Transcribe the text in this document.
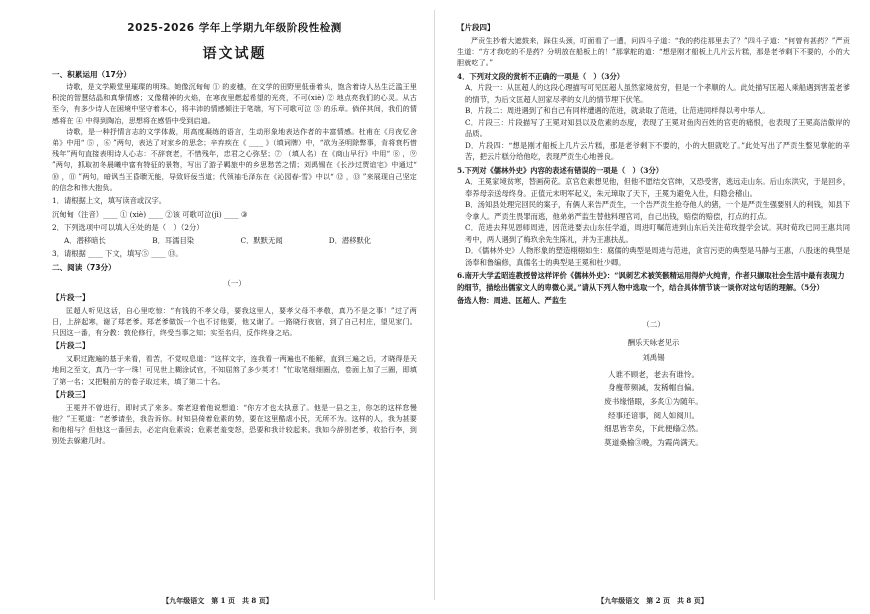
2025-2026 学年上学期九年级阶段性检测
语文试题
一、积累运用（17分）

诗歌，是文学殿堂里璀璨的明珠。她像沉甸甸 ① 的麦穗，在文学的田野里低垂着头，饱含着诗人丛生泛滥王里积淀的智慧结晶和真挚情感；又像精神的火焰，在寒夜里燃起希望的光亮，不可(xiè) ② 地点亮我们的心灵。从古至今，有多少诗人在困境中坚守着本心，将丰沛的情感倾注于笔端，写下可歌可泣 ③ 的乐章。倘佯其间，我们的情感将在 ④ 中得到陶冶，思想将在感悟中受到启迪。

诗歌，是一种抒情言志的文学体裁，用高度凝练的语言，生动形象地表达作者的丰富情感。杜甫在《月夜忆舍弟》中用“ ⑤ ，⑥ ”两句，表达了对家乡的思念；辛弃疾在《 ____ 》（填词牌）中，“欲为圣明除弊事，肯将衰朽惜残年”两句直接表明诗人心志：不辞衰老，不惜残年，忠君之心弥坚；⑦ （填人名）在《商山早行》中用“ ⑧ ，⑨ ”两句，抓取初冬晨曦中富有特征的景物，写出了游子羁旅中的乡思愁苦之情；刘禹锡在《长沙过贾谊宅》中通过“ ⑩ ，⑪ ”两句，暗讽当王昏聩无能，导致奸佞当道；代领袖毛泽东在《沁园春·雪》中以“ ⑫ ，⑬ ”来展现自己坚定的信念和伟大抱负。

1．请根据上文，填写读音或汉字。
沉甸甸（注音）____ ① (xiè) ____ ②该 可歌可泣(jì) ____ ③
2．下列选项中可以填入④处的是（　）（2分）
A．潜移暗长	B．耳濡目染	C．默默无闻	D．潜移默化
3．请根据 ____ 下文，填写⑤ ____ ⑬。
二、阅读（73分）
（一）
【片段一】

匡超人听见这话，自心里吃惊：“有钱的不孝父母，要我这里人，要孝父母不孝敬，真乃不是之事！”过了两日，上辞起寒，谢了郑老爹。郑老爹做饭一个也不讨他要，他又谢了。一路晓行夜宿，到了自己村庄，望见家门。只因这一番，有分教：敦伦修行，终受当事之知；实至名归，反作终身之玷。

【片段二】

又职过跑遍的基于来看，看苦，不觉叹息道：“这样文字，连我看一两遍也不能解，直到三遍之后，才晓得是天地间之至文，真乃一字一珠！可见世上糊涂试官，不知屈煞了多少英才！”忙取笔细细圈点，卷面上加了三圈，即填了第一名；又把鞋前方的卷子取过来，填了第二十名。

【片段三】

王冕并不曾进行，即时式了来多。秦老迎着他说想道：“你方才也太执意了。他是一县之主，你怎的这样怠慢他？”王冕道：“老爹请坐，我告诉你。时知县倚着危素的势，要在这里酷虐小民，无所不为。这样的人，我为甚要和他相与？但他这一番回去，必定向危素说；危素老羞变怒，恐要和我计较起来。我如今辞别老爹，收拾行李，到别处去躲避几时。

【九年级语文　第 1 页　共 8 页】
【片段四】

严贡生抄着大遮鼓来，踩住头颈，叮面看了一遭，问四斗子道：“我的药往那里去了？”四斗子道：“何曾有甚药？”严贡生道：“方才我吃的不是药？分明放在船板上的！”那掌舵的道：“想是刚才船板上几片云片糕，那是老爷剩下不要的，小的大胆就吃了。”

4．下列对文段的赏析不正确的一项是（　）（3分）

A．片段一：从匡超人的这段心理描写可见匡超人虽然家境贫穷，但是一个孝顺的人。此处描写匡超人乘船遇到害羞老爹的情节，为后文匡超人回家尽孝的女儿的情节埋下伏笔。

B．片段二：周进遇到了和自己有同样遭遇的范进，就录取了范进，让范进同样得以考中举人。

C．片段三：片段描写了王冕对知县以及危素的态度，表现了王冕对鱼肉百姓的官吏的痛恨，也表现了王冕高洁傲岸的品质。

D．片段四：“想是刚才船板上几片云片糕，那是老爷剩下不要的，小的大胆就吃了。”此处写出了严贡生整见掌舵的辛苦，把云片糕分给他吃，表现严贡生心地善良。

5.下列对《儒林外史》内容的表述有错误的一项是（　）（3分）

A．王冕家境贫寒，替画荷花。京官危素想见他，但他不愿结交官绅，又恐受害，逃远走山东。后山东洪灾，于是回乡，奉养母亲送母终身。正值元末明军起义，朱元璋取了天下，王冕为避免入仕，归隐会稽山。

B．汤知县处理完回民的案子，有俩人来告严贡生，一个告严贡生抢夺他人的猪，一个是严贡生强要别人的利钱，知县下令拿人。严贡生畏罪而逃，他弟弟严监生替他料理官司，自己出钱，赔偿的赔偿，打点的打点。

C．范进去拜见恩师周进，因范进要去山东任学道，周进叮嘱范进到山东后关注荀玫提学会试。其时荀玫已同王惠共同考中，两人遇到了梅玖余先生陈礼，并为王惠扶乩。

D．《儒林外史》人物形象的塑造栩栩如生：腐儒的典型是周进与范进，贪官污吏的典型是马静与王惠，八股迷的典型是汤奉和鲁编修，真儒名士的典型是王冕和杜少卿。

6.南开大学孟昭连教授曾这样评价《儒林外史》：“讽刺艺术被笑骸精运用得炉火纯青，作者只撷取社会生活中最有表现力的细节，描绘出儒家文人的卑微心灵。”请从下列人物中选取一个，结合具体情节谈一谈你对这句话的理解。（5分）
备选人物：周进、匡超人、严监生
（二）
酬乐天咏老见示
刘禹锡
人谁不顾老，老去有谁怜。
身瘦带频减，发稀帽自偏。
废书缘惜眼，多炙①为随年。
经事还谙事，阅人如阅川。
细思皆幸矣，下此便翛②然。
莫道桑榆③晚，为霞尚满天。
【九年级语文　第 2 页　共 8 页】
